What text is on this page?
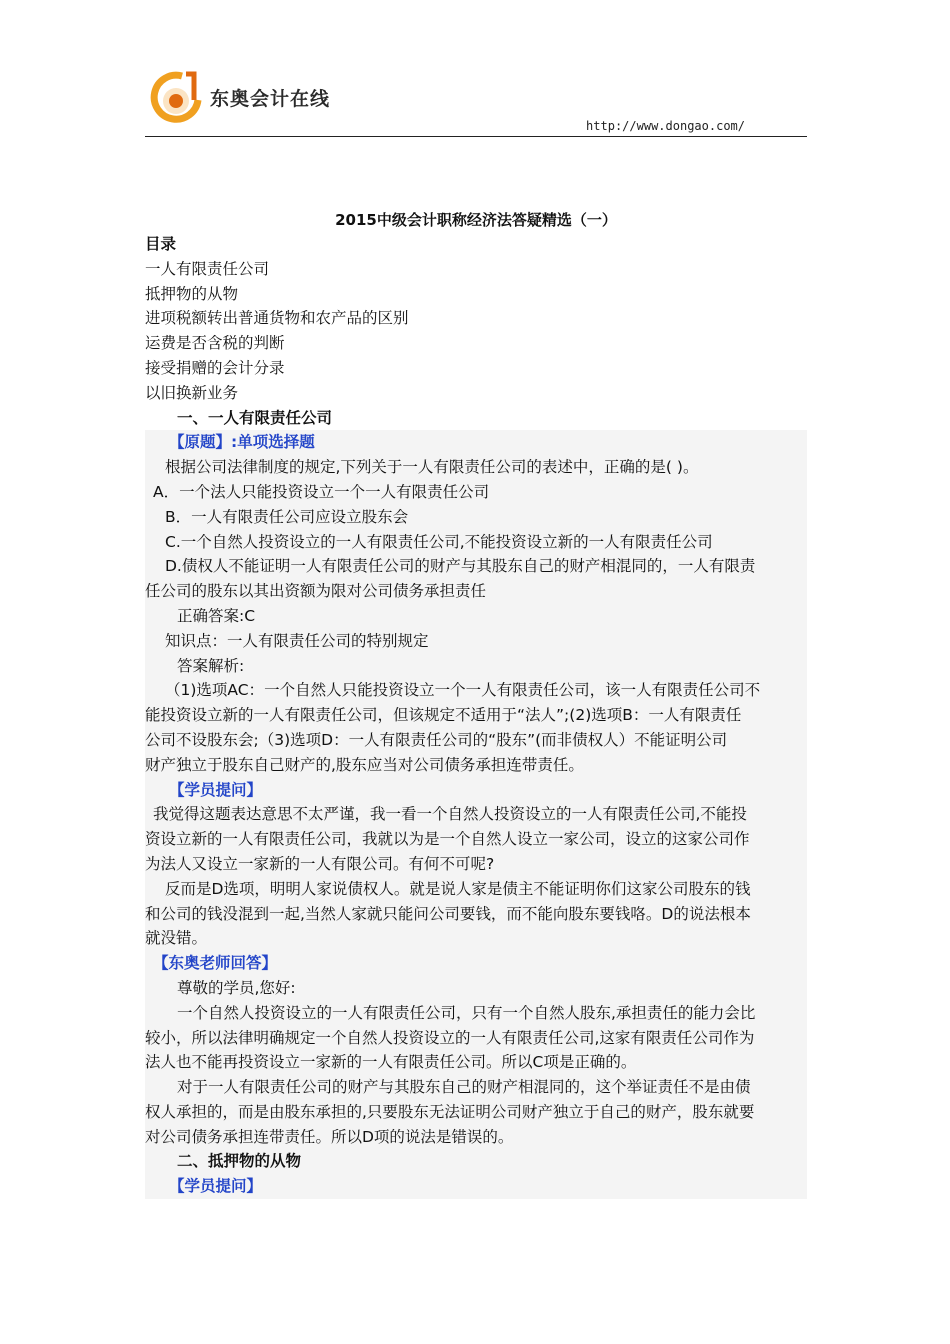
东奥会计在线
http://www.dongao.com/
2015中级会计职称经济法答疑精选（一）

目录

一人有限责任公司

抵押物的从物

进项税额转出普通货物和农产品的区别

运费是否含税的判断

接受捐赠的会计分录

以旧换新业务

一、一人有限责任公司

【原题】:单项选择题

根据公司法律制度的规定,下列关于一人有限责任公司的表述中，正确的是( )。

A．一个法人只能投资设立一个一人有限责任公司

B．一人有限责任公司应设立股东会

C.一个自然人投资设立的一人有限责任公司,不能投资设立新的一人有限责任公司

D.债权人不能证明一人有限责任公司的财产与其股东自己的财产相混同的，一人有限责

任公司的股东以其出资额为限对公司债务承担责任

正确答案:C

知识点：一人有限责任公司的特别规定

答案解析:

（1)选项AC：一个自然人只能投资设立一个一人有限责任公司，该一人有限责任公司不

能投资设立新的一人有限责任公司，但该规定不适用于“法人”;(2)选项B：一人有限责任

公司不设股东会;（3)选项D：一人有限责任公司的“股东”(而非债权人）不能证明公司

财产独立于股东自己财产的,股东应当对公司债务承担连带责任。

【学员提问】

我觉得这题表达意思不太严谨，我一看一个自然人投资设立的一人有限责任公司,不能投

资设立新的一人有限责任公司，我就以为是一个自然人设立一家公司，设立的这家公司作

为法人又设立一家新的一人有限公司。有何不可呢?

反而是D选项，明明人家说债权人。就是说人家是债主不能证明你们这家公司股东的钱

和公司的钱没混到一起,当然人家就只能问公司要钱，而不能向股东要钱咯。D的说法根本

就没错。

【东奥老师回答】

尊敬的学员,您好:

一个自然人投资设立的一人有限责任公司，只有一个自然人股东,承担责任的能力会比

较小，所以法律明确规定一个自然人投资设立的一人有限责任公司,这家有限责任公司作为

法人也不能再投资设立一家新的一人有限责任公司。所以C项是正确的。

对于一人有限责任公司的财产与其股东自己的财产相混同的，这个举证责任不是由债

权人承担的，而是由股东承担的,只要股东无法证明公司财产独立于自己的财产，股东就要

对公司债务承担连带责任。所以D项的说法是错误的。

二、抵押物的从物

【学员提问】
